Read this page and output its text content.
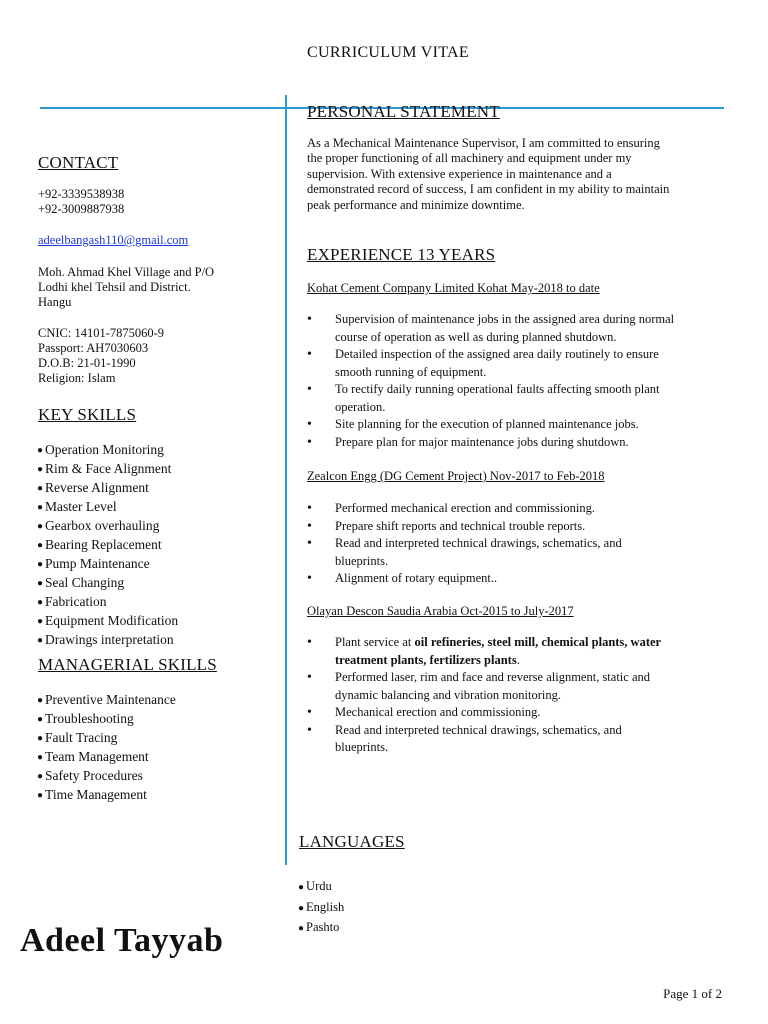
CURRICULUM VITAE
CONTACT
+92-3339538938
+92-3009887938
adeelbangash110@gmail.com
Moh. Ahmad Khel Village and P/O
Lodhi khel Tehsil and District.
Hangu
CNIC: 14101-7875060-9
Passport: AH7030603
D.O.B: 21-01-1990
Religion: Islam
KEY SKILLS
● Operation Monitoring
● Rim & Face Alignment
● Reverse Alignment
● Master Level
● Gearbox overhauling
● Bearing Replacement
● Pump Maintenance
● Seal Changing
● Fabrication
● Equipment Modification
● Drawings interpretation
MANAGERIAL SKILLS
● Preventive Maintenance
● Troubleshooting
● Fault Tracing
● Team Management
● Safety Procedures
● Time Management
PERSONAL STATEMENT
As a Mechanical Maintenance Supervisor, I am committed to ensuring
the proper functioning of all machinery and equipment under my
supervision. With extensive experience in maintenance and a
demonstrated record of success, I am confident in my ability to maintain
peak performance and minimize downtime.
EXPERIENCE 13 YEARS
Kohat Cement Company Limited Kohat May-2018 to date
• Supervision of maintenance jobs in the assigned area during normal
course of operation as well as during planned shutdown.
• Detailed inspection of the assigned area daily routinely to ensure
smooth running of equipment.
• To rectify daily running operational faults affecting smooth plant
operation.
• Site planning for the execution of planned maintenance jobs.
• Prepare plan for major maintenance jobs during shutdown.
Zealcon Engg (DG Cement Project) Nov-2017 to Feb-2018
• Performed mechanical erection and commissioning.
• Prepare shift reports and technical trouble reports.
• Read and interpreted technical drawings, schematics, and
blueprints.
• Alignment of rotary equipment..
Olayan Descon Saudia Arabia Oct-2015 to July-2017
• Plant service at oil refineries, steel mill, chemical plants, water
treatment plants, fertilizers plants.
• Performed laser, rim and face and reverse alignment, static and
dynamic balancing and vibration monitoring.
• Mechanical erection and commissioning.
• Read and interpreted technical drawings, schematics, and
blueprints.
LANGUAGES
● Urdu
● English
● Pashto
Adeel Tayyab
Page 1 of 2
